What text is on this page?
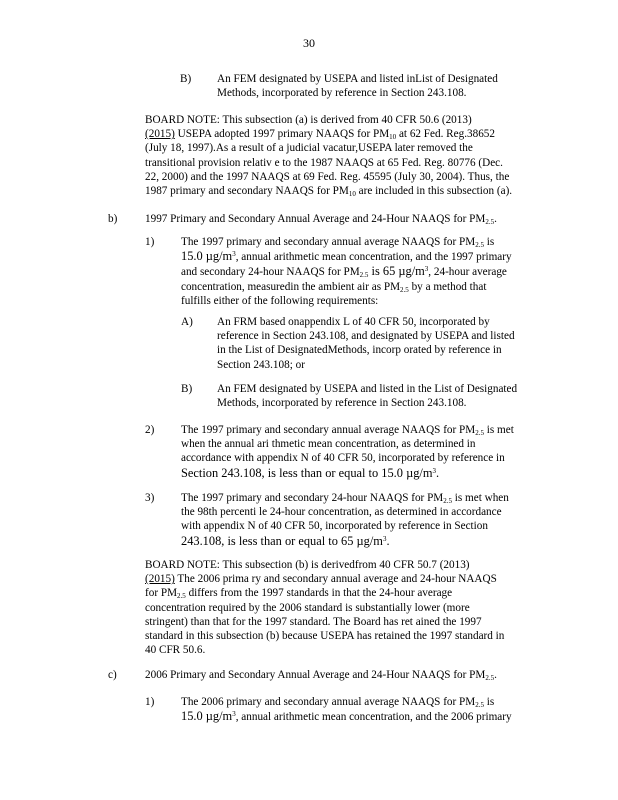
30
B) An FEM designated by USEPA and listed inList of Designated
Methods, incorporated by reference in Section 243.108.
BOARD NOTE: This subsection (a) is derived from 40 CFR 50.6 (2013)
(2015) USEPA adopted 1997 primary NAAQS for $PM_{10}$ at 62 Fed. Reg.38652
(July 18, 1997).As a result of a judicial vacatur,USEPA later removed the
transitional provision relativ e to the 1987 NAAQS at 65 Fed. Reg. 80776 (Dec.
22, 2000) and the 1997 NAAQS at 69 Fed. Reg. 45595 (July 30, 2004). Thus, the
1987 primary and secondary NAAQS for $PM_{10}$ are included in this subsection (a).
b) 1997 Primary and Secondary Annual Average and 24-Hour NAAQS for $PM_{2.5}$.
1) The 1997 primary and secondary annual average NAAQS for $PM_{2.5}$ is
15.0 $\mu g/m^3$, annual arithmetic mean concentration, and the 1997 primary
and secondary 24-hour NAAQS for $PM_{2.5}$ is 65 $\mu g/m^3$, 24-hour average
concentration, measuredin the ambient air as $PM_{2.5}$ by a method that
fulfills either of the following requirements:
A) An FRM based onappendix L of 40 CFR 50, incorporated by
reference in Section 243.108, and designated by USEPA and listed
in the List of DesignatedMethods, incorp orated by reference in
Section 243.108; or
B) An FEM designated by USEPA and listed in the List of Designated
Methods, incorporated by reference in Section 243.108.
2) The 1997 primary and secondary annual average NAAQS for $PM_{2.5}$ is met
when the annual ari thmetic mean concentration, as determined in
accordance with appendix N of 40 CFR 50, incorporated by reference in
Section 243.108, is less than or equal to 15.0 $\mu g/m^3$.
3) The 1997 primary and secondary 24-hour NAAQS for $PM_{2.5}$ is met when
the 98th percenti le 24-hour concentration, as determined in accordance
with appendix N of 40 CFR 50, incorporated by reference in Section
243.108, is less than or equal to 65 $\mu g/m^3$.
BOARD NOTE: This subsection (b) is derivedfrom 40 CFR 50.7 (2013)
(2015) The 2006 prima ry and secondary annual average and 24-hour NAAQS
for $PM_{2.5}$ differs from the 1997 standards in that the 24-hour average
concentration required by the 2006 standard is substantially lower (more
stringent) than that for the 1997 standard. The Board has ret ained the 1997
standard in this subsection (b) because USEPA has retained the 1997 standard in
40 CFR 50.6.
c)	2006 Primary and Secondary Annual Average and 24-Hour NAAQS for $PM_{2.5}$.
1) The 2006 primary and secondary annual average NAAQS for $PM_{2.5}$ is
15.0 $\mu g/m^3$, annual arithmetic mean concentration, and the 2006 primary
